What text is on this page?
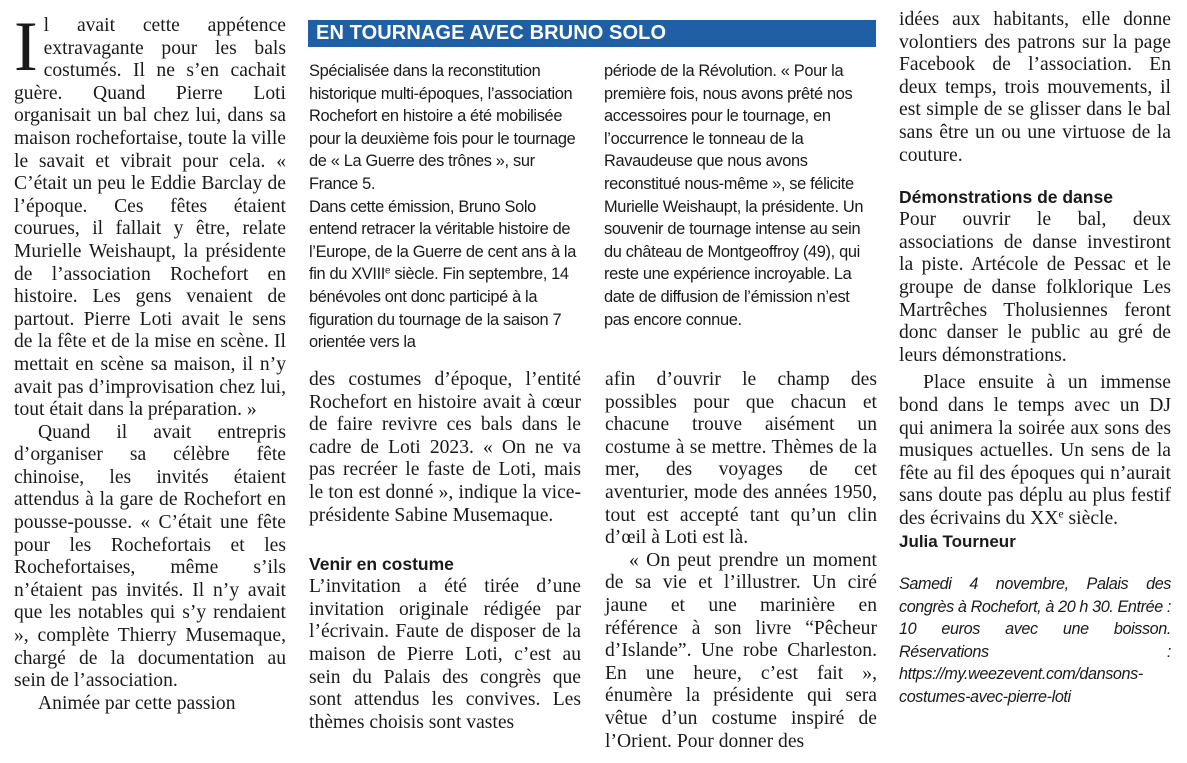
Il avait cette appétence extravagante pour les bals costumés. Il ne s’en cachait guère. Quand Pierre Loti organisait un bal chez lui, dans sa maison rochefortaise, toute la ville le savait et vibrait pour cela. « C’était un peu le Eddie Barclay de l’époque. Ces fêtes étaient courues, il fallait y être, relate Murielle Weishaupt, la présidente de l’association Rochefort en histoire. Les gens venaient de partout. Pierre Loti avait le sens de la fête et de la mise en scène. Il mettait en scène sa maison, il n’y avait pas d’improvisation chez lui, tout était dans la préparation. »

Quand il avait entrepris d’organiser sa célèbre fête chinoise, les invités étaient attendus à la gare de Rochefort en pousse-pousse. « C’était une fête pour les Rochefortais et les Rochefortaises, même s’ils n’étaient pas invités. Il n’y avait que les notables qui s’y rendaient », complète Thierry Musemaque, chargé de la documentation au sein de l’association.

Animée par cette passion

EN TOURNAGE AVEC BRUNO SOLO

Spécialisée dans la reconstitution historique multi-époques, l’association Rochefort en histoire a été mobilisée pour la deuxième fois pour le tournage de « La Guerre des trônes », sur France 5.

Dans cette émission, Bruno Solo entend retracer la véritable histoire de l’Europe, de la Guerre de cent ans à la fin du XVIIIe siècle. Fin septembre, 14 bénévoles ont donc participé à la figuration du tournage de la saison 7 orientée vers la

période de la Révolution. « Pour la première fois, nous avons prêté nos accessoires pour le tournage, en l’occurrence le tonneau de la Ravaudeuse que nous avons reconstitué nous-même », se félicite Murielle Weishaupt, la présidente. Un souvenir de tournage intense au sein du château de Montgeoffroy (49), qui reste une expérience incroyable. La date de diffusion de l’émission n’est pas encore connue.

des costumes d’époque, l’entité Rochefort en histoire avait à cœur de faire revivre ces bals dans le cadre de Loti 2023. « On ne va pas recréer le faste de Loti, mais le ton est donné », indique la vice-présidente Sabine Musemaque.

Venir en costume

L’invitation a été tirée d’une invitation originale rédigée par l’écrivain. Faute de disposer de la maison de Pierre Loti, c’est au sein du Palais des congrès que sont attendus les convives. Les thèmes choisis sont vastes

afin d’ouvrir le champ des possibles pour que chacun et chacune trouve aisément un costume à se mettre. Thèmes de la mer, des voyages de cet aventurier, mode des années 1950, tout est accepté tant qu’un clin d’œil à Loti est là.

« On peut prendre un moment de sa vie et l’illustrer. Un ciré jaune et une marinière en référence à son livre “Pêcheur d’Islande”. Une robe Charleston. En une heure, c’est fait », énumère la présidente qui sera vêtue d’un costume inspiré de l’Orient. Pour donner des

idées aux habitants, elle donne volontiers des patrons sur la page Facebook de l’association. En deux temps, trois mouvements, il est simple de se glisser dans le bal sans être un ou une virtuose de la couture.

Démonstrations de danse

Pour ouvrir le bal, deux associations de danse investiront la piste. Artécole de Pessac et le groupe de danse folklorique Les Martrêches Tholusiennes feront donc danser le public au gré de leurs démonstrations.

Place ensuite à un immense bond dans le temps avec un DJ qui animera la soirée aux sons des musiques actuelles. Un sens de la fête au fil des époques qui n’aurait sans doute pas déplu au plus festif des écrivains du XXe siècle.

Julia Tourneur

Samedi 4 novembre, Palais des congrès à Rochefort, à 20 h 30. Entrée : 10 euros avec une boisson. Réservations : https://my.weezevent.com/dansons-costumes-avec-pierre-loti
